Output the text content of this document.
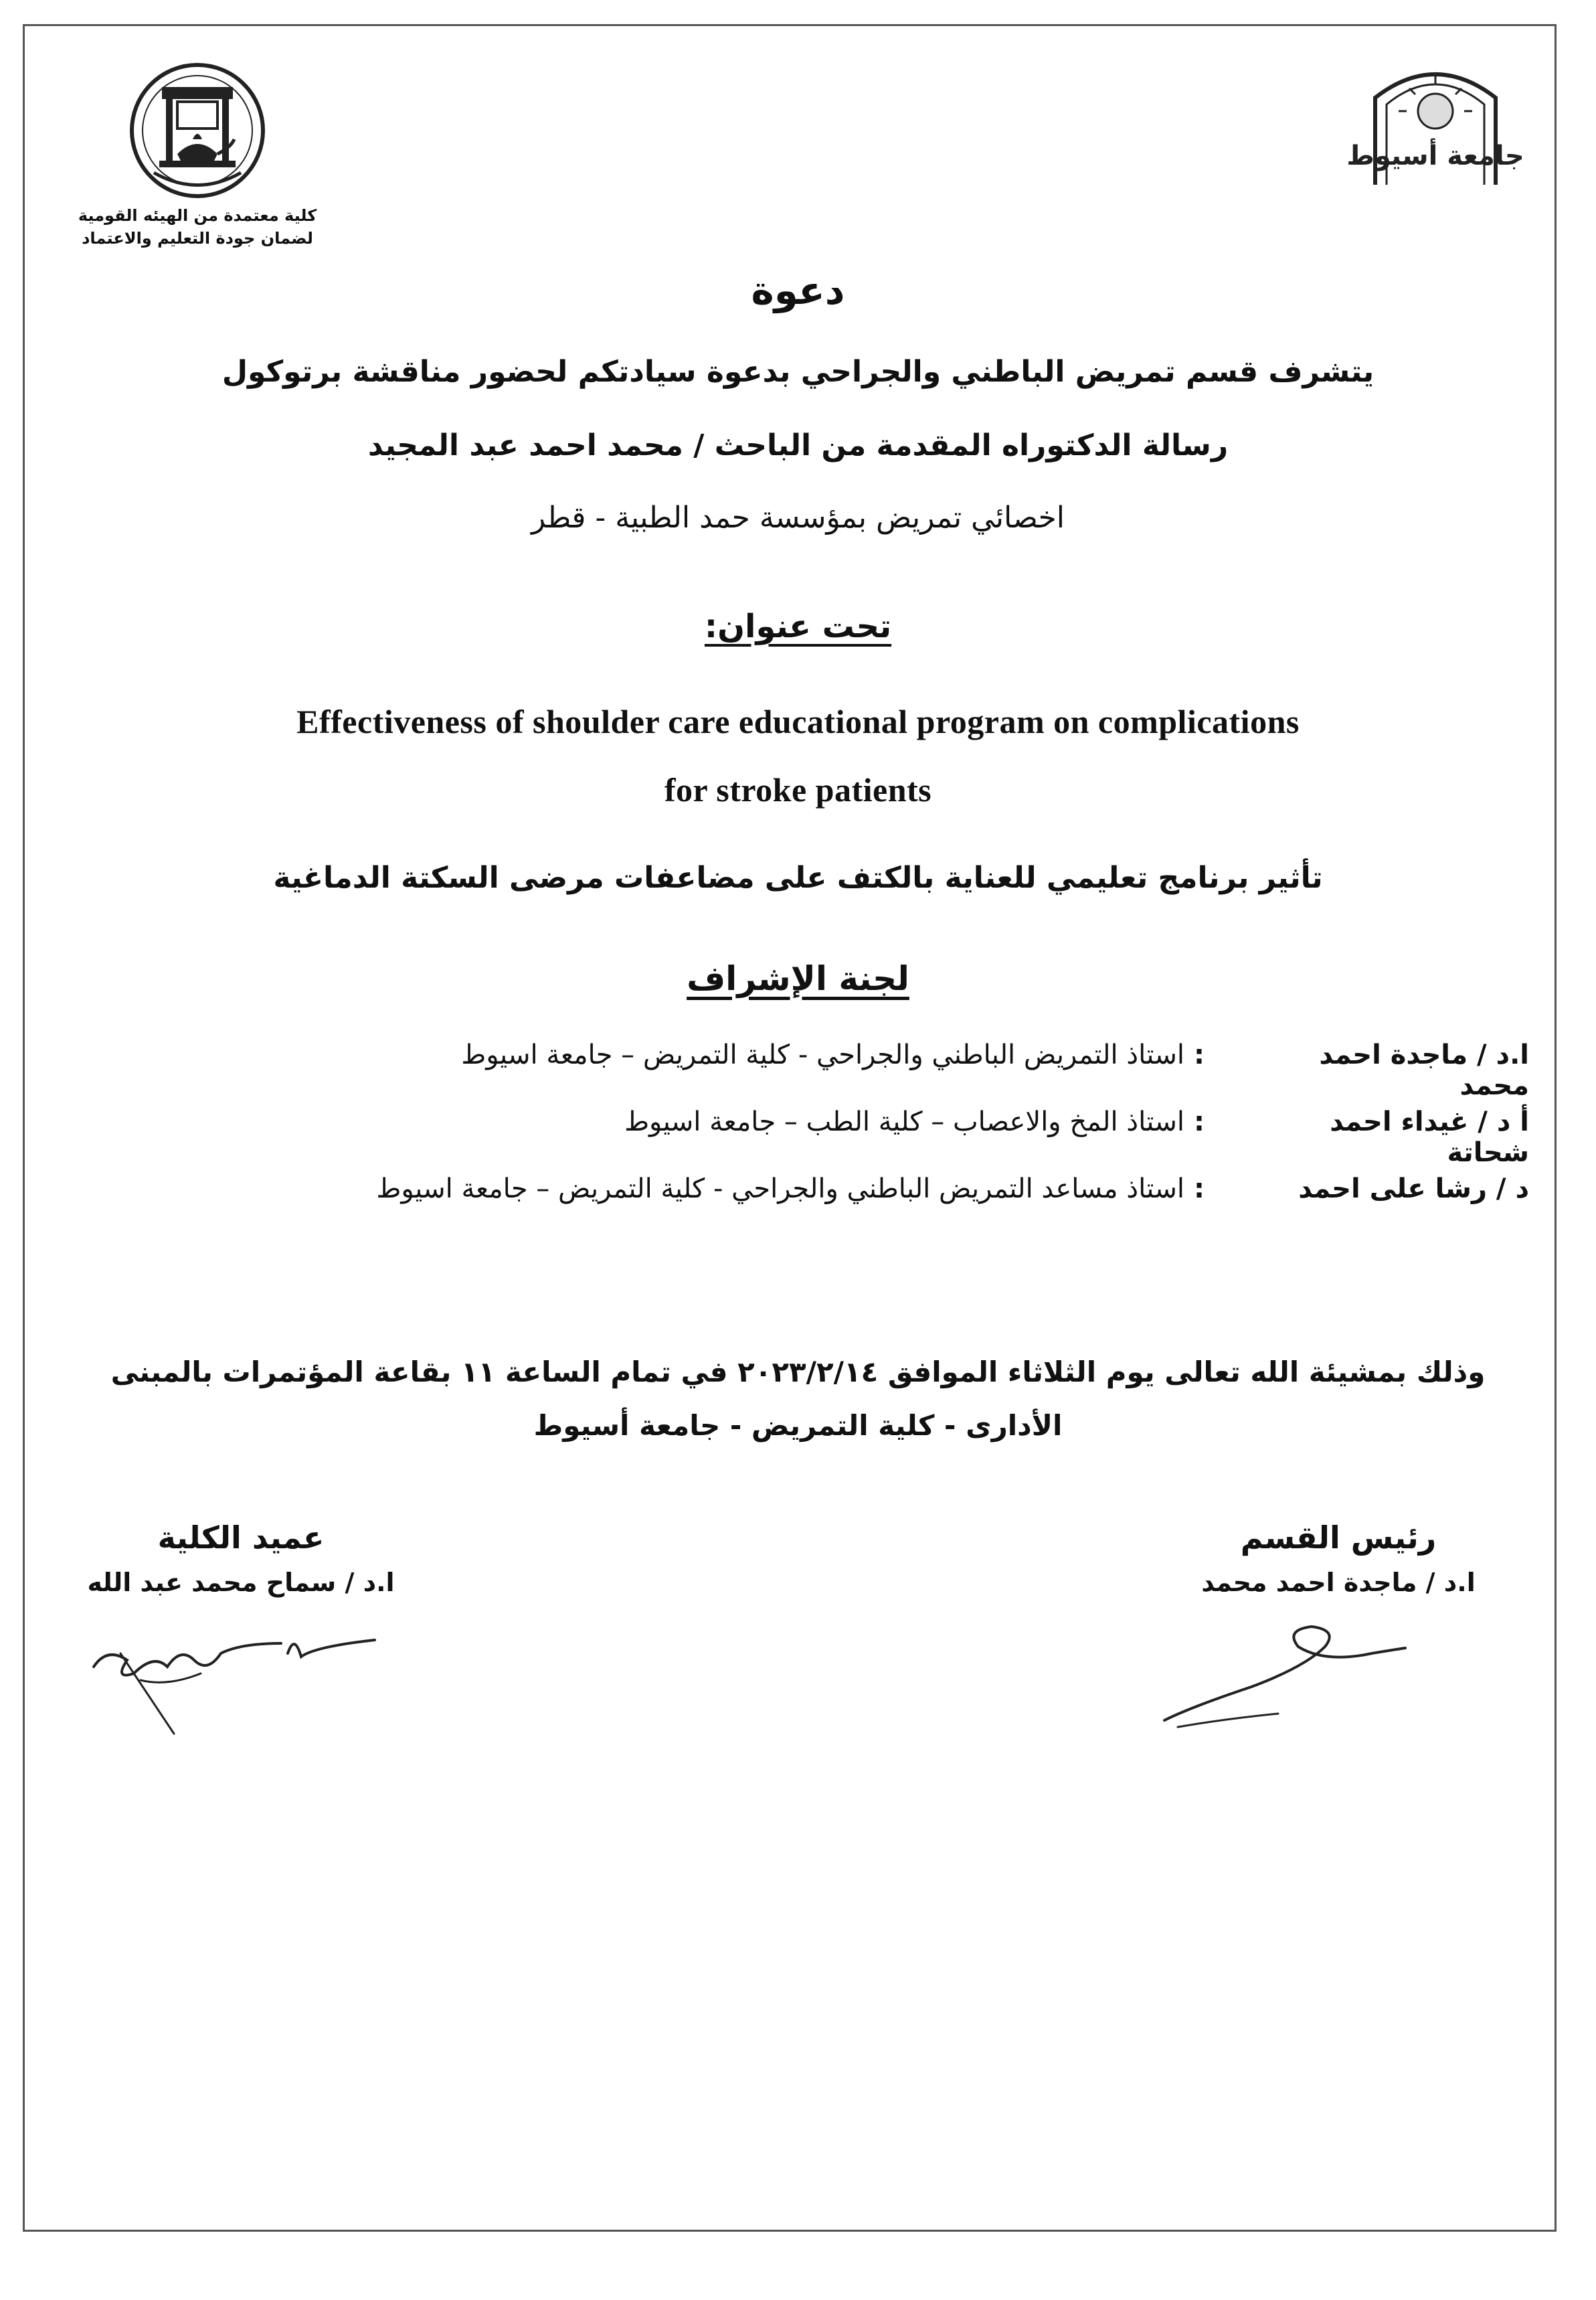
كلية معتمدة من الهيئه القومية
لضمان جودة التعليم والاعتماد
جامعة أسيوط
دعوة
يتشرف قسم تمريض الباطني والجراحي بدعوة سيادتكم لحضور مناقشة برتوكول
رسالة الدكتوراه المقدمة من الباحث / محمد احمد عبد المجيد
اخصائي تمريض بمؤسسة حمد الطبية - قطر
تحت عنوان:
Effectiveness of shoulder care educational program on complications
for stroke patients
تأثير برنامج تعليمي للعناية بالكتف على مضاعفات مرضى السكتة الدماغية
لجنة الإشراف
ا.د / ماجدة احمد محمد
:
استاذ التمريض الباطني والجراحي - كلية التمريض – جامعة اسيوط
أ د / غيداء احمد شحاتة
:
استاذ المخ والاعصاب – كلية الطب – جامعة اسيوط
د / رشا على احمد
:
استاذ مساعد التمريض الباطني والجراحي - كلية التمريض – جامعة اسيوط
وذلك بمشيئة الله تعالى يوم الثلاثاء الموافق ٢٠٢٣/٢/١٤ في تمام الساعة ١١ بقاعة المؤتمرات بالمبنى
الأدارى - كلية التمريض - جامعة أسيوط
رئيس القسم
ا.د / ماجدة احمد محمد
عميد الكلية
ا.د / سماح محمد عبد الله
